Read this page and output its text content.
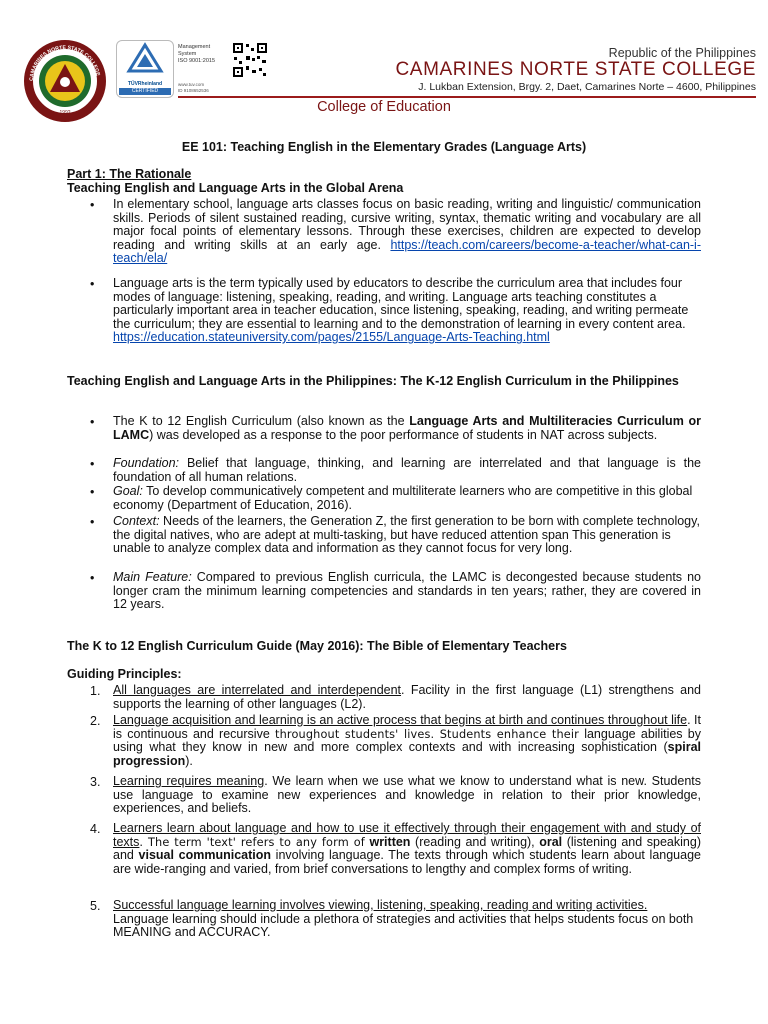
CAMARINES NORTE STATE COLLEGE
1992
TÜVRheinland
CERTIFIED
Management
System
ISO 9001:2015
www.tuv.com
ID 9108652536
Republic of the Philippines
CAMARINES NORTE STATE COLLEGE
J. Lukban Extension, Brgy. 2, Daet, Camarines Norte – 4600, Philippines
College of Education
EE 101: Teaching English in the Elementary Grades (Language Arts)
Part 1: The Rationale
Teaching English and Language Arts in the Global Arena
• In elementary school, language arts classes focus on basic reading, writing and linguistic/ communication skills. Periods of silent sustained reading, cursive writing, syntax, thematic writing and vocabulary are all major focal points of elementary lessons. Through these exercises, children are expected to develop reading and writing skills at an early age. https://teach.com/careers/become-a-teacher/what-can-i-teach/ela/
• Language arts is the term typically used by educators to describe the curriculum area that includes four modes of language: listening, speaking, reading, and writing. Language arts teaching constitutes a particularly important area in teacher education, since listening, speaking, reading, and writing permeate the curriculum; they are essential to learning and to the demonstration of learning in every content area. https://education.stateuniversity.com/pages/2155/Language-Arts-Teaching.html
Teaching English and Language Arts in the Philippines: The K-12 English Curriculum in the Philippines
• The K to 12 English Curriculum (also known as the Language Arts and Multiliteracies Curriculum or LAMC) was developed as a response to the poor performance of students in NAT across subjects.
• Foundation: Belief that language, thinking, and learning are interrelated and that language is the foundation of all human relations.
• Goal: To develop communicatively competent and multiliterate learners who are competitive in this global economy (Department of Education, 2016).
• Context: Needs of the learners, the Generation Z, the first generation to be born with complete technology, the digital natives, who are adept at multi-tasking, but have reduced attention span This generation is unable to analyze complex data and information as they cannot focus for very long.
• Main Feature: Compared to previous English curricula, the LAMC is decongested because students no longer cram the minimum learning competencies and standards in ten years; rather, they are covered in 12 years.
The K to 12 English Curriculum Guide (May 2016): The Bible of Elementary Teachers
Guiding Principles:
1. All languages are interrelated and interdependent. Facility in the first language (L1) strengthens and supports the learning of other languages (L2).
2. Language acquisition and learning is an active process that begins at birth and continues throughout life. It is continuous and recursive throughout students' lives. Students enhance their language abilities by using what they know in new and more complex contexts and with increasing sophistication (spiral progression).
3. Learning requires meaning. We learn when we use what we know to understand what is new. Students use language to examine new experiences and knowledge in relation to their prior knowledge, experiences, and beliefs.
4. Learners learn about language and how to use it effectively through their engagement with and study of texts. The term 'text' refers to any form of written (reading and writing), oral (listening and speaking) and visual communication involving language. The texts through which students learn about language are wide-ranging and varied, from brief conversations to lengthy and complex forms of writing.
5. Successful language learning involves viewing, listening, speaking, reading and writing activities. Language learning should include a plethora of strategies and activities that helps students focus on both MEANING and ACCURACY.
